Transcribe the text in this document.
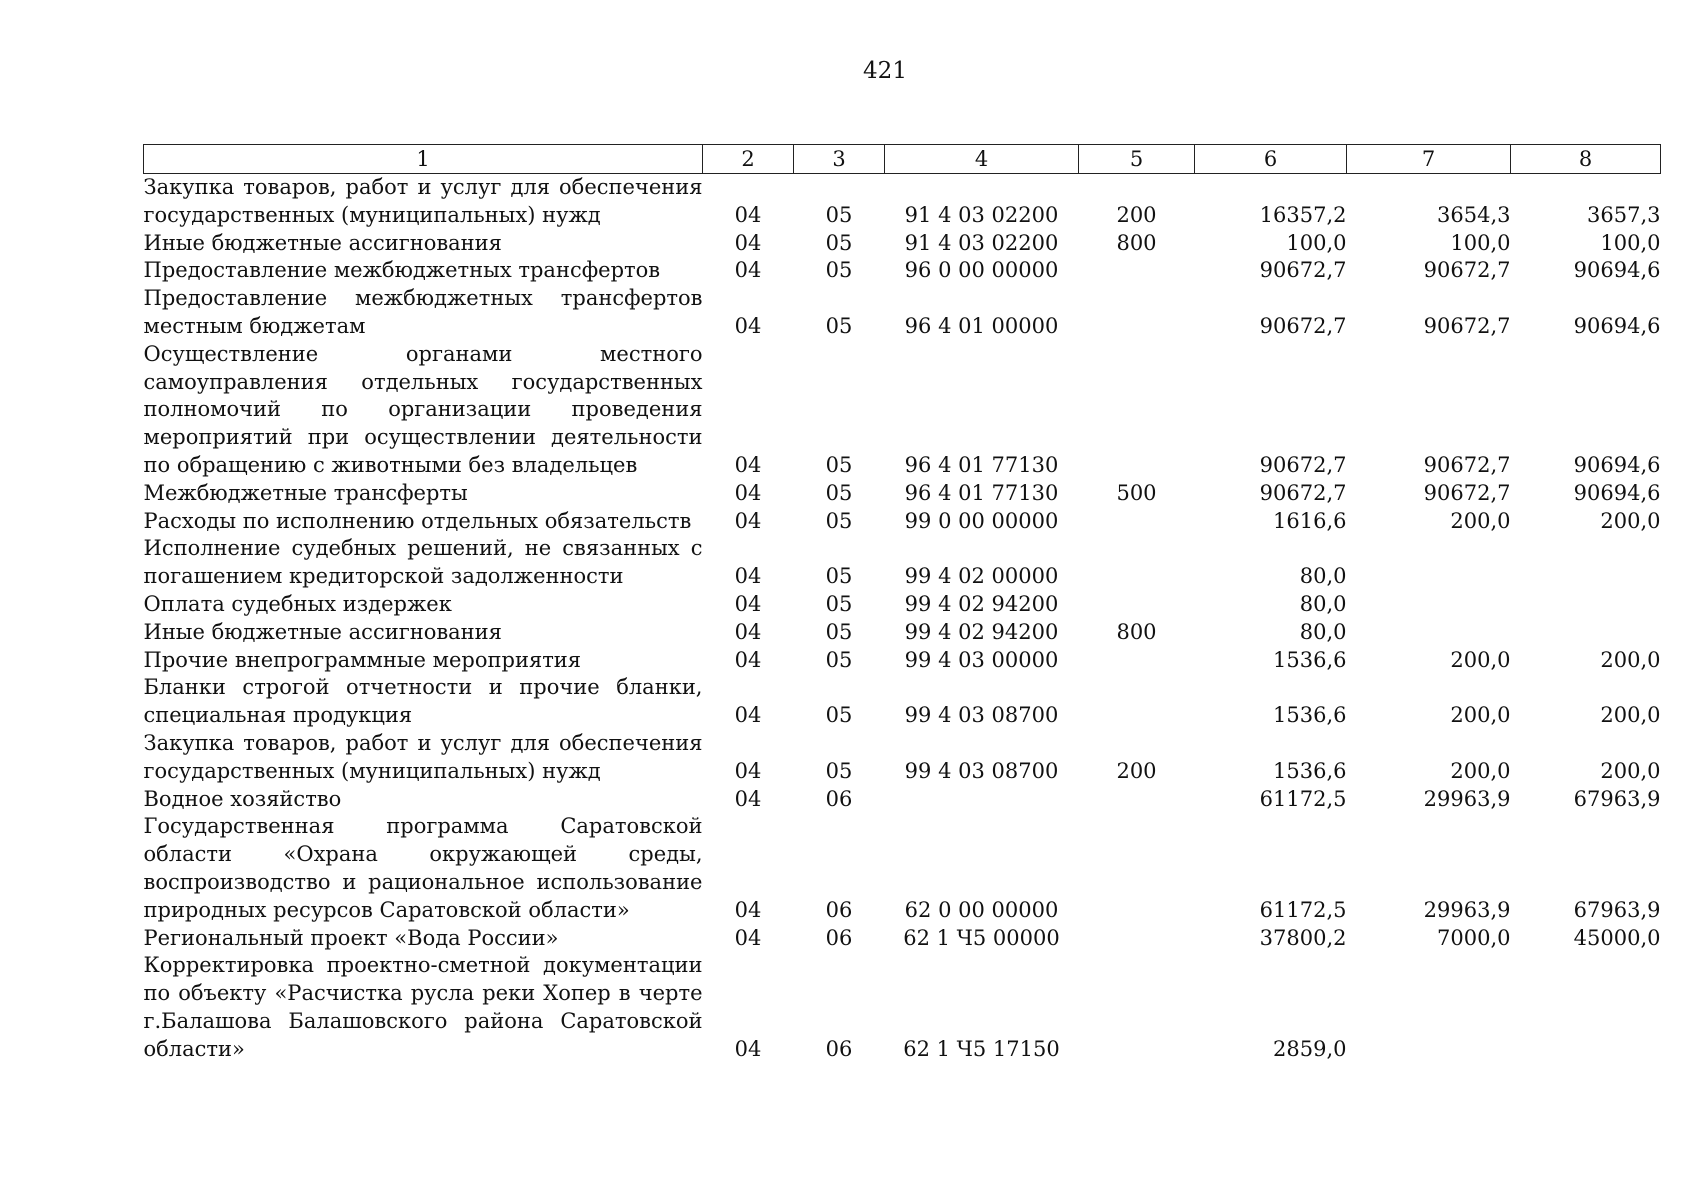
421
1	2	3	4	5	6	7	8
Закупка товаров, работ и услуг для обеспечения государственных (муниципальных) нужд	04	05	91 4 03 02200	200	16357,2	3654,3	3657,3
Иные бюджетные ассигнования	04	05	91 4 03 02200	800	100,0	100,0	100,0
Предоставление межбюджетных трансфертов	04	05	96 0 00 00000		90672,7	90672,7	90694,6
Предоставление межбюджетных трансфертов местным бюджетам	04	05	96 4 01 00000		90672,7	90672,7	90694,6
Осуществление органами местного самоуправления отдельных государственных полномочий по организации проведения мероприятий при осуществлении деятельности по обращению с животными без владельцев	04	05	96 4 01 77130		90672,7	90672,7	90694,6
Межбюджетные трансферты	04	05	96 4 01 77130	500	90672,7	90672,7	90694,6
Расходы по исполнению отдельных обязательств	04	05	99 0 00 00000		1616,6	200,0	200,0
Исполнение судебных решений, не связанных с погашением кредиторской задолженности	04	05	99 4 02 00000		80,0		
Оплата судебных издержек	04	05	99 4 02 94200		80,0		
Иные бюджетные ассигнования	04	05	99 4 02 94200	800	80,0		
Прочие внепрограммные мероприятия	04	05	99 4 03 00000		1536,6	200,0	200,0
Бланки строгой отчетности и прочие бланки, специальная продукция	04	05	99 4 03 08700		1536,6	200,0	200,0
Закупка товаров, работ и услуг для обеспечения государственных (муниципальных) нужд	04	05	99 4 03 08700	200	1536,6	200,0	200,0
Водное хозяйство	04	06			61172,5	29963,9	67963,9
Государственная программа Саратовской области «Охрана окружающей среды, воспроизводство и рациональное использование природных ресурсов Саратовской области»	04	06	62 0 00 00000		61172,5	29963,9	67963,9
Региональный проект «Вода России»	04	06	62 1 Ч5 00000		37800,2	7000,0	45000,0
Корректировка проектно-сметной документации по объекту «Расчистка русла реки Хопер в черте г.Балашова Балашовского района Саратовской области»	04	06	62 1 Ч5 17150		2859,0		
